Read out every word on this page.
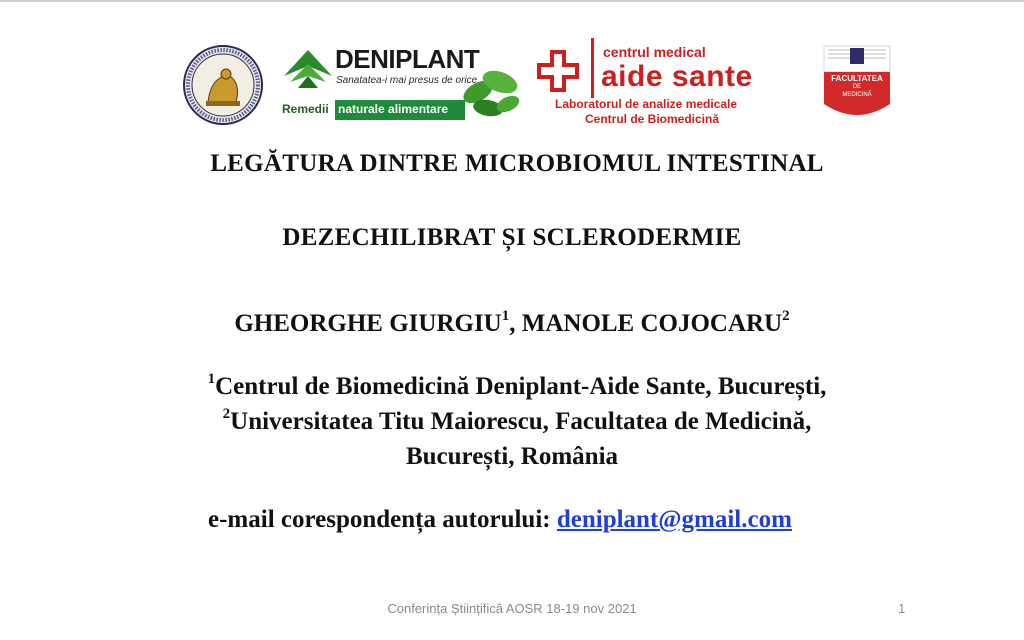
DENIPLANT
Sanatatea-i mai presus de orice
Remedii naturale alimentare
centrul medical
aide sante
Laboratorul de analize medicale
Centrul de Biomedicină
FACULTATEA
DE
MEDICINĂ
LEGĂTURA DINTRE MICROBIOMUL INTESTINAL
DEZECHILIBRAT ȘI SCLERODERMIE
GHEORGHE GIURGIU$^1$, MANOLE COJOCARU$^2$
$^1$Centrul de Biomedicină Deniplant-Aide Sante, București,
$^2$Universitatea Titu Maiorescu, Facultatea de Medicină,
București, România
e-mail corespondența autorului: deniplant@gmail.com
Conferința Științifică AOSR 18-19 nov 2021	1
